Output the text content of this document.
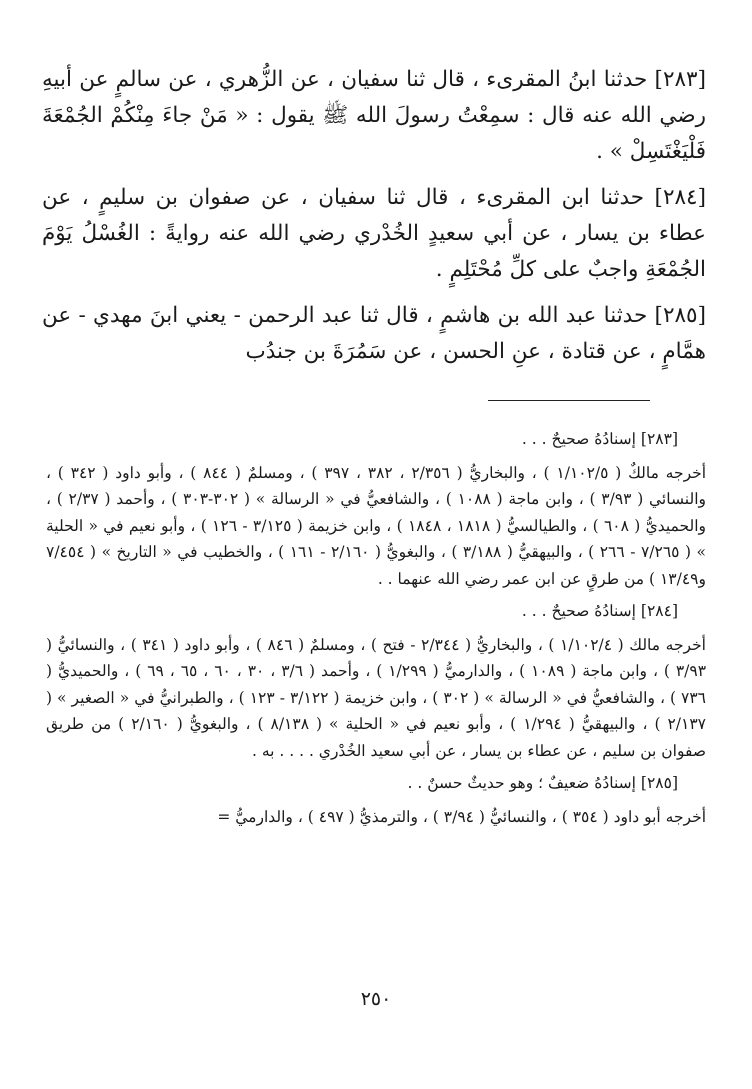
[٢٨٣] حدثنا ابنُ المقرىء ، قال ثنا سفيان ، عن الزُّهري ، عن سالمٍ عن أبيهِ رضي الله عنه قال : سمِعْتُ رسولَ الله ﷺ يقول : « مَنْ جاءَ مِنْكُمْ الجُمْعَةَ فَلْيَغْتَسِلْ » .

[٢٨٤] حدثنا ابن المقرىء ، قال ثنا سفيان ، عن صفوان بن سليمٍ ، عن عطاء بن يسار ، عن أبي سعيدٍ الخُدْري رضي الله عنه روايةً : الغُسْلُ يَوْمَ الجُمْعَةِ واجبٌ على كلِّ مُحْتَلِمٍ .

[٢٨٥] حدثنا عبد الله بن هاشمٍ ، قال ثنا عبد الرحمن - يعني ابنَ مهدي - عن همَّامٍ ، عن قتادة ، عنِ الحسن ، عن سَمُرَةَ بن جندُب

[٢٨٣] إسنادُهُ صحيحٌ . . .

أخرجه مالكٌ ( ١/١٠٢/٥ ) ، والبخاريُّ ( ٢/٣٥٦ ، ٣٨٢ ، ٣٩٧ ) ، ومسلمٌ ( ٨٤٤ ) ، وأبو داود ( ٣٤٢ ) ، والنسائي ( ٣/٩٣ ) ، وابن ماجة ( ١٠٨٨ ) ، والشافعيُّ في « الرسالة » ( ٣٠٢-٣٠٣ ) ، وأحمد ( ٢/٣٧ ) ، والحميديُّ ( ٦٠٨ ) ، والطيالسيُّ ( ١٨١٨ ، ١٨٤٨ ) ، وابن خزيمة ( ٣/١٢٥ - ١٢٦ ) ، وأبو نعيم في « الحلية » ( ٧/٢٦٥ - ٢٦٦ ) ، والبيهقيُّ ( ٣/١٨٨ ) ، والبغويُّ ( ٢/١٦٠ - ١٦١ ) ، والخطيب في « التاريخ » ( ٧/٤٥٤ و١٣/٤٩ ) من طرقٍ عن ابن عمر رضي الله عنهما . .

[٢٨٤] إسنادُهُ صحيحٌ . . .

أخرجه مالك ( ١/١٠٢/٤ ) ، والبخاريُّ ( ٢/٣٤٤ - فتح ) ، ومسلمٌ ( ٨٤٦ ) ، وأبو داود ( ٣٤١ ) ، والنسائيُّ ( ٣/٩٣ ) ، وابن ماجة ( ١٠٨٩ ) ، والدارميُّ ( ١/٢٩٩ ) ، وأحمد ( ٣/٦ ، ٣٠ ، ٦٠ ، ٦٥ ، ٦٩ ) ، والحميديُّ ( ٧٣٦ ) ، والشافعيُّ في « الرسالة » ( ٣٠٢ ) ، وابن خزيمة ( ٣/١٢٢ - ١٢٣ ) ، والطبرانيُّ في « الصغير » ( ٢/١٣٧ ) ، والبيهقيُّ ( ١/٢٩٤ ) ، وأبو نعيم في « الحلية » ( ٨/١٣٨ ) ، والبغويُّ ( ٢/١٦٠ ) من طريق صفوان بن سليم ، عن عطاء بن يسار ، عن أبي سعيد الخُدْري . . . . به .

[٢٨٥] إسنادُهُ ضعيفٌ ؛ وهو حديثٌ حسنٌ . .

أخرجه أبو داود ( ٣٥٤ ) ، والنسائيُّ ( ٣/٩٤ ) ، والترمذيُّ ( ٤٩٧ ) ، والدارميُّ =

٢٥٠
